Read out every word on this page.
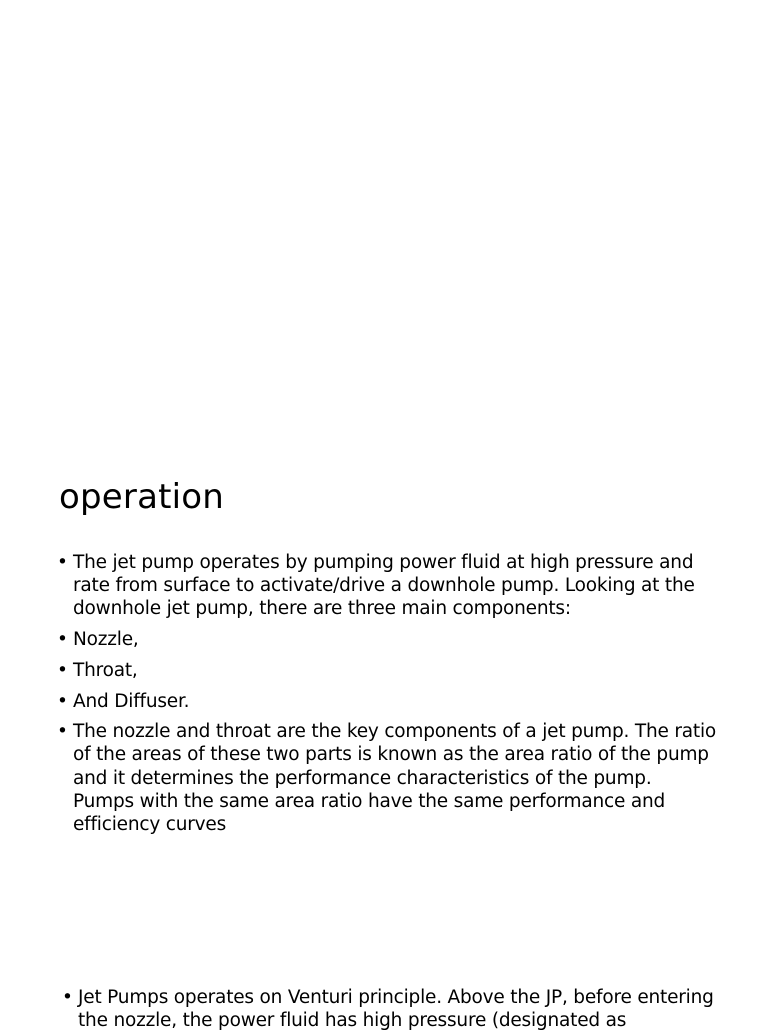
operation
• The jet pump operates by pumping power fluid at high pressure and rate from surface to activate/drive a downhole pump. Looking at the downhole jet pump, there are three main components:
• Nozzle,
• Throat,
• And Diffuser.
• The nozzle and throat are the key components of a jet pump. The ratio of the areas of these two parts is known as the area ratio of the pump and it determines the performance characteristics of the pump. Pumps with the same area ratio have the same performance and efficiency curves
• Jet Pumps operates on Venturi principle. Above the JP, before entering the nozzle, the power fluid has high pressure (designated as
